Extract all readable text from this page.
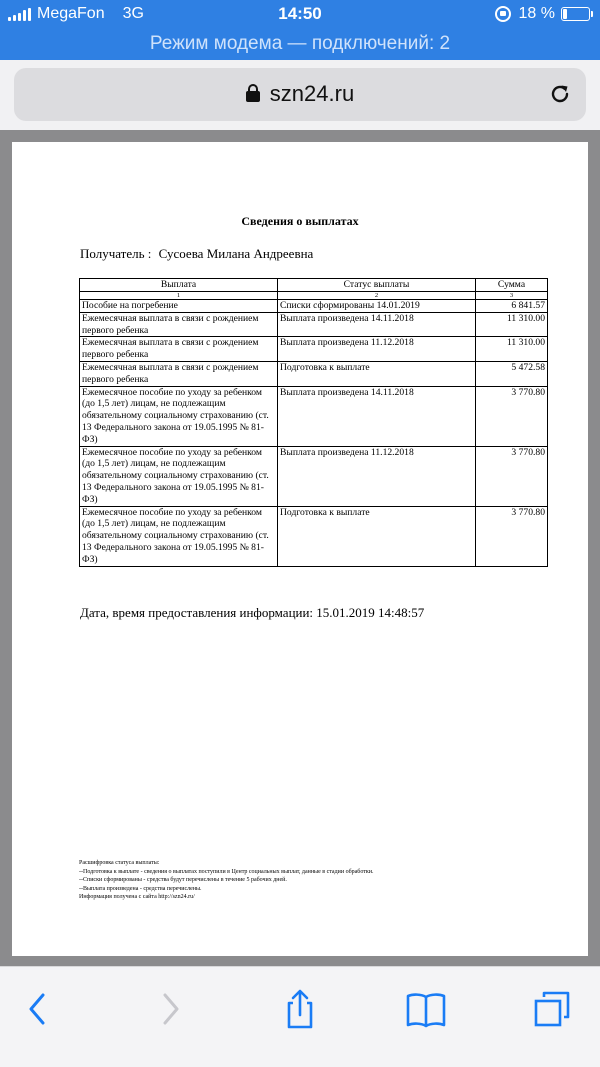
MegaFon 3G	14:50	18 %
Режим модема — подключений: 2
szn24.ru
Сведения о выплатах
Получатель : Сусоева Милана Андреевна
Выплата	Статус выплаты	Сумма
1	2	3
Пособие на погребение	Списки сформированы 14.01.2019	6 841.57
Ежемесячная выплата в связи с рождением первого ребенка	Выплата произведена 14.11.2018	11 310.00
Ежемесячная выплата в связи с рождением первого ребенка	Выплата произведена 11.12.2018	11 310.00
Ежемесячная выплата в связи с рождением первого ребенка	Подготовка к выплате	5 472.58
Ежемесячное пособие по уходу за ребенком (до 1,5 лет) лицам, не подлежащим обязательному социальному страхованию (ст. 13 Федерального закона от 19.05.1995 № 81-ФЗ)	Выплата произведена 14.11.2018	3 770.80
Ежемесячное пособие по уходу за ребенком (до 1,5 лет) лицам, не подлежащим обязательному социальному страхованию (ст. 13 Федерального закона от 19.05.1995 № 81-ФЗ)	Выплата произведена 11.12.2018	3 770.80
Ежемесячное пособие по уходу за ребенком (до 1,5 лет) лицам, не подлежащим обязательному социальному страхованию (ст. 13 Федерального закона от 19.05.1995 № 81-ФЗ)	Подготовка к выплате	3 770.80
Дата, время предоставления информации: 15.01.2019 14:48:57
Расшифровка статуса выплаты:
--Подготовка к выплате - сведения о выплатах поступили в Центр социальных выплат, данные в стадии обработки.
--Списки сформированы - средства будут перечислены в течение 5 рабочих дней.
--Выплата произведена - средства перечислены.
Информация получена с сайта http://szn24.ru/
